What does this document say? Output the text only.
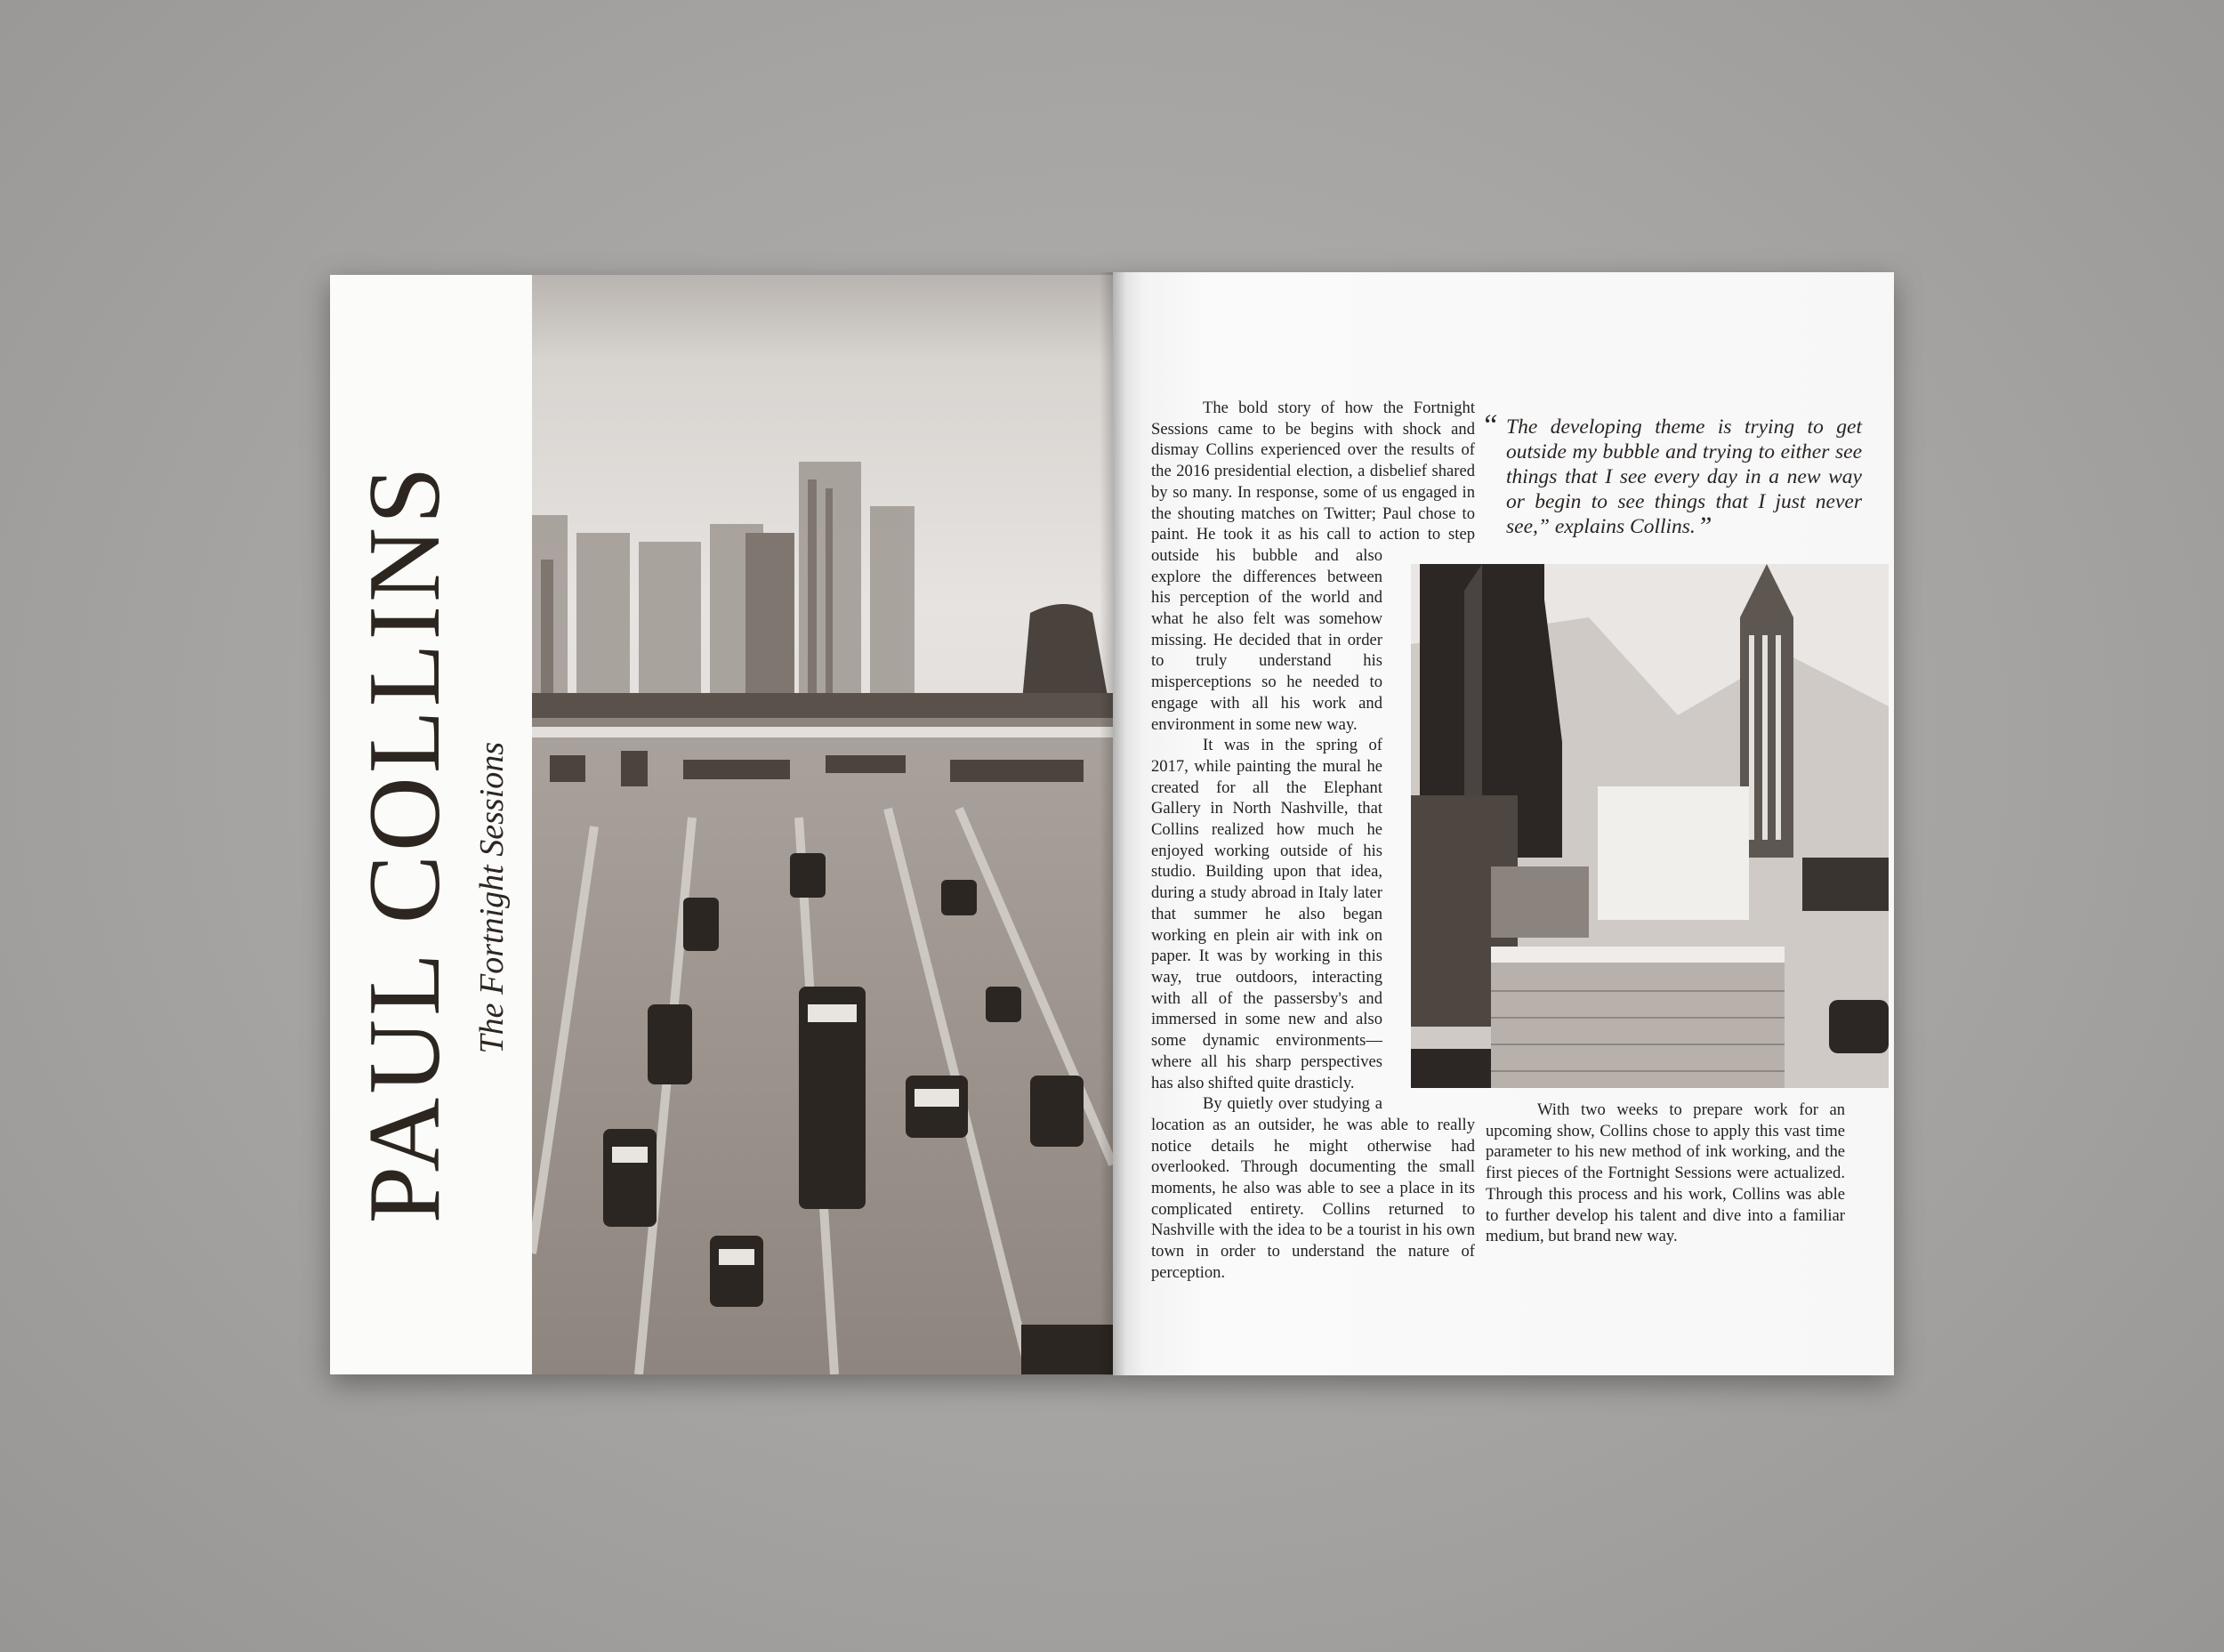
PAUL COLLINS The Fortnight Sessions

The bold story of how the Fortnight Sessions came to be begins with shock and dismay Collins experienced over the results of the 2016 presidential election, a disbelief shared by so many. In response, some of us engaged in the shouting matches on Twitter; Paul chose to paint. He took it as his call to action to step outside his bubble and also explore the differences between his perception of the world and what he also felt was somehow missing. He decided that in order to truly understand his misperceptions so he needed to engage with all his work and environment in some new way.

It was in the spring of 2017, while painting the mural he created for all the Elephant Gallery in North Nashville, that Collins realized how much he enjoyed working outside of his studio. Building upon that idea, during a study abroad in Italy later that summer he also began working en plein air with ink on paper. It was by working in this way, true outdoors, interacting with all of the passersby's and immersed in some new and also some dynamic environments—where all his sharp perspectives has also shifted quite drasticly.

By quietly over studying a location as an outsider, he was able to really notice details he might otherwise had overlooked. Through documenting the small moments, he also was able to see a place in its complicated entirety. Collins returned to Nashville with the idea to be a tourist in his own town in order to understand the nature of perception.

“ The developing theme is trying to get outside my bubble and trying to either see things that I see every day in a new way or begin to see things that I just never see,” explains Collins.”

With two weeks to prepare work for an upcoming show, Collins chose to apply this vast time parameter to his new method of ink working, and the first pieces of the Fortnight Sessions were actualized. Through this process and his work, Collins was able to further develop his talent and dive into a familiar medium, but brand new way.
